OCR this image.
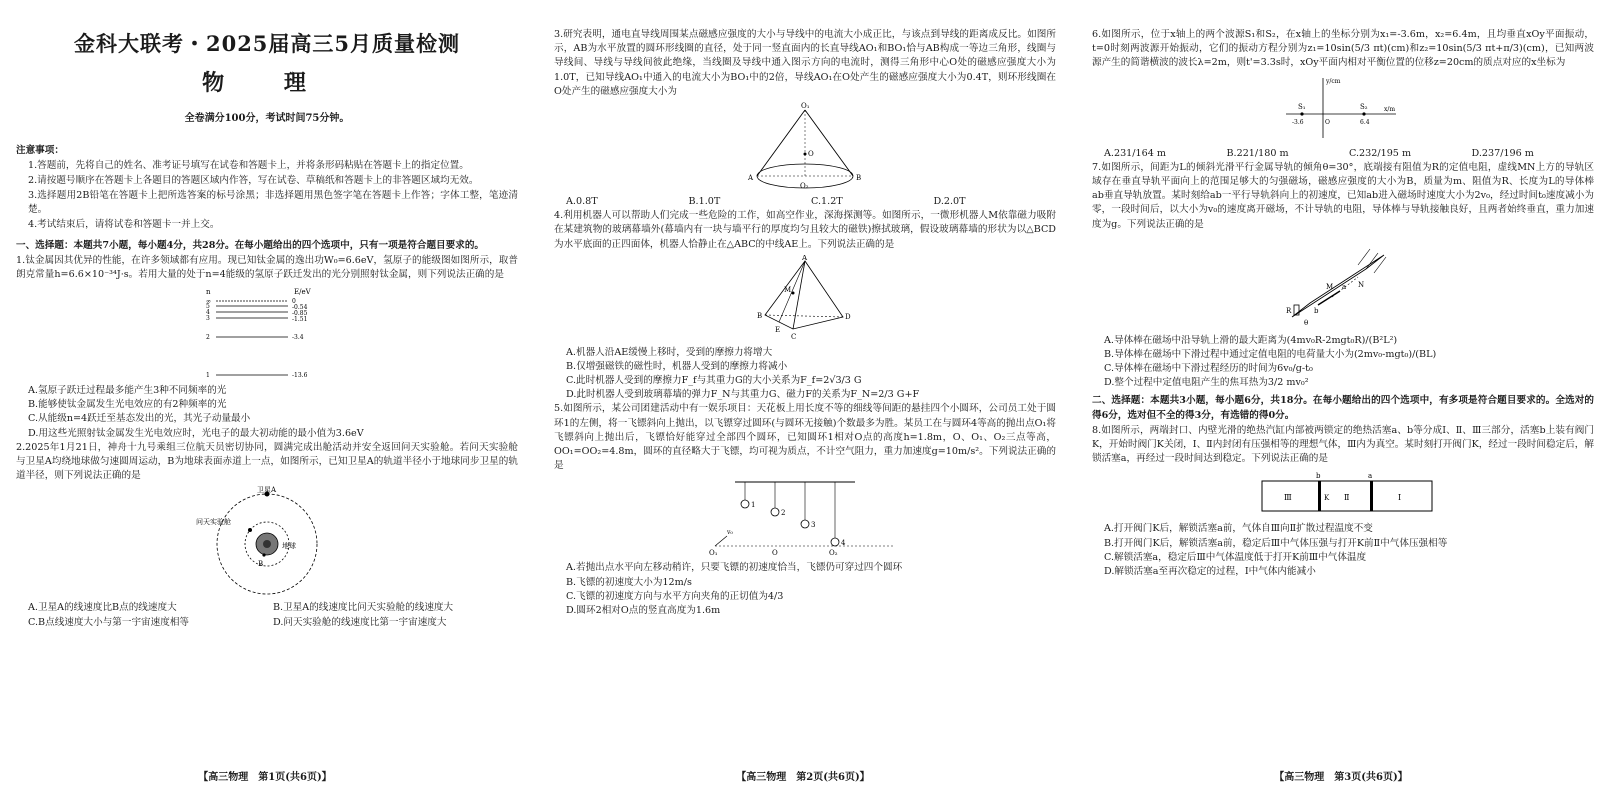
金科大联考・2025届高三5月质量检测
物 理
全卷满分100分，考试时间75分钟。
注意事项：
1.答题前，先将自己的姓名、准考证号填写在试卷和答题卡上，并将条形码粘贴在答题卡上的指定位置。
2.请按题号顺序在答题卡上各题目的答题区域内作答，写在试卷、草稿纸和答题卡上的非答题区域均无效。
3.选择题用2B铅笔在答题卡上把所选答案的标号涂黑；非选择题用黑色签字笔在答题卡上作答；字体工整，笔迹清楚。
4.考试结束后，请将试卷和答题卡一并上交。
一、选择题：本题共7小题，每小题4分，共28分。在每小题给出的四个选项中，只有一项是符合题目要求的。
1.钛金属因其优异的性能，在许多领域都有应用。现已知钛金属的逸出功W₀=6.6eV，氢原子的能级图如图所示，取普朗克常量h=6.6×10⁻³⁴J·s。若用大量的处于n=4能级的氢原子跃迁发出的光分别照射钛金属，则下列说法正确的是
n	E/eV
∞	0
5	-0.54
4	-0.85
3	-1.51
2	-3.4
1	-13.6
A.氢原子跃迁过程最多能产生3种不同频率的光
B.能够使钛金属发生光电效应的有2种频率的光
C.从能级n=4跃迁至基态发出的光，其光子动量最小
D.用这些光照射钛金属发生光电效应时，光电子的最大初动能的最小值为3.6eV
2.2025年1月21日，神舟十九号乘组三位航天员密切协同，圆满完成出舱活动并安全返回问天实验舱。若问天实验舱与卫星A均绕地球做匀速圆周运动，B为地球表面赤道上一点，如图所示，已知卫星A的轨道半径小于地球同步卫星的轨道半径，则下列说法正确的是
卫星A
问天实验舱
地球
B
A.卫星A的线速度比B点的线速度大	B.卫星A的线速度比问天实验舱的线速度大
C.B点线速度大小与第一宇宙速度相等	D.问天实验舱的线速度比第一宇宙速度大
【高三物理　第1页(共6页)】
3.研究表明，通电直导线周围某点磁感应强度的大小与导线中的电流大小成正比，与该点到导线的距离成反比。如图所示，AB为水平放置的圆环形线圈的直径，处于同一竖直面内的长直导线AO₁和BO₁恰与AB构成一等边三角形，线圈与导线间、导线与导线间彼此绝缘，当线圈及导线中通入图示方向的电流时，测得三角形中心O处的磁感应强度大小为1.0T，已知导线AO₁中通入的电流大小为BO₁中的2倍，导线AO₁在O处产生的磁感应强度大小为0.4T，则环形线圈在O处产生的磁感应强度大小为
O₁
O
A	B
O₂
A.0.8T	B.1.0T	C.1.2T	D.2.0T
4.利用机器人可以帮助人们完成一些危险的工作，如高空作业，深海探测等。如图所示，一微形机器人M依靠磁力吸附在某建筑物的玻璃幕墙外(幕墙内有一块与墙平行的厚度均匀且较大的磁铁)擦拭玻璃，假设玻璃幕墙的形状为以△BCD为水平底面的正四面体，机器人恰静止在△ABC的中线AE上。下列说法正确的是
A
B
C
D
E
M
A.机器人沿AE缓慢上移时，受到的摩擦力将增大
B.仅增强磁铁的磁性时，机器人受到的摩擦力将减小
C.此时机器人受到的摩擦力F_f与其重力G的大小关系为F_f=2√3/3 G
D.此时机器人受到玻璃幕墙的弹力F_N与其重力G、磁力F的关系为F_N=2/3 G+F
5.如图所示，某公司团建活动中有一娱乐项目：天花板上用长度不等的细线等间距的悬挂四个小圆环，公司员工处于圆环1的左侧，将一飞镖斜向上抛出，以飞镖穿过圆环(与圆环无接触)个数最多为胜。某员工在与圆环4等高的抛出点O₁将飞镖斜向上抛出后，飞镖恰好能穿过全部四个圆环，已知圆环1相对O点的高度h=1.8m，O、O₁、O₂三点等高，OO₁=OO₂=4.8m，圆环的直径略大于飞镖，均可视为质点，不计空气阻力，重力加速度g=10m/s²。下列说法正确的是
1
2
3
4
O₁	O	O₂
v₀
A.若抛出点水平向左移动稍许，只要飞镖的初速度恰当，飞镖仍可穿过四个圆环
B.飞镖的初速度大小为12m/s
C.飞镖的初速度方向与水平方向夹角的正切值为4/3
D.圆环2相对O点的竖直高度为1.6m
【高三物理　第2页(共6页)】
6.如图所示，位于x轴上的两个波源S₁和S₂，在x轴上的坐标分别为x₁=-3.6m，x₂=6.4m，且均垂直xOy平面振动，t=0时刻两波源开始振动，它们的振动方程分别为z₁=10sin(5/3 πt)(cm)和z₂=10sin(5/3 πt+π/3)(cm)，已知两波源产生的简谐横波的波长λ=2m，则t'=3.3s时，xOy平面内相对平衡位置的位移z=20cm的质点对应的x坐标为
y/cm
x/m
S₁	S₂
-3.6	6.4
O
A.231/164 m	B.221/180 m	C.232/195 m	D.237/196 m
7.如图所示，间距为L的倾斜光滑平行金属导轨的倾角θ=30°，底端接有阻值为R的定值电阻，虚线MN上方的导轨区域存在垂直导轨平面向上的范围足够大的匀强磁场，磁感应强度的大小为B，质量为m、阻值为R、长度为L的导体棒ab垂直导轨放置。某时刻给ab一平行导轨斜向上的初速度，已知ab进入磁场时速度大小为2v₀，经过时间t₀速度减小为零，一段时间后，以大小为v₀的速度离开磁场，不计导轨的电阻，导体棒与导轨接触良好，且两者始终垂直，重力加速度为g。下列说法正确的是
R
M	N
a
b
θ
A.导体棒在磁场中沿导轨上滑的最大距离为(4mv₀R-2mgt₀R)/(B²L²)
B.导体棒在磁场中下滑过程中通过定值电阻的电荷量大小为(2mv₀-mgt₀)/(BL)
C.导体棒在磁场中下滑过程经历的时间为6v₀/g-t₀
D.整个过程中定值电阻产生的焦耳热为3/2 mv₀²
二、选择题：本题共3小题，每小题6分，共18分。在每小题给出的四个选项中，有多项是符合题目要求的。全选对的得6分，选对但不全的得3分，有选错的得0分。
8.如图所示，两端封口、内壁光滑的绝热汽缸内部被两锁定的绝热活塞a、b等分成Ⅰ、Ⅱ、Ⅲ三部分，活塞b上装有阀门K，开始时阀门K关闭，Ⅰ、Ⅱ内封闭有压强相等的理想气体，Ⅲ内为真空。某时刻打开阀门K，经过一段时间稳定后，解锁活塞a，再经过一段时间达到稳定。下列说法正确的是
Ⅲ	K Ⅱ	Ⅰ
b	a
A.打开阀门K后，解锁活塞a前，气体自Ⅲ向Ⅱ扩散过程温度不变
B.打开阀门K后，解锁活塞a前，稳定后Ⅲ中气体压强与打开K前Ⅱ中气体压强相等
C.解锁活塞a，稳定后Ⅲ中气体温度低于打开K前Ⅲ中气体温度
D.解锁活塞a至再次稳定的过程，Ⅰ中气体内能减小
【高三物理　第3页(共6页)】
